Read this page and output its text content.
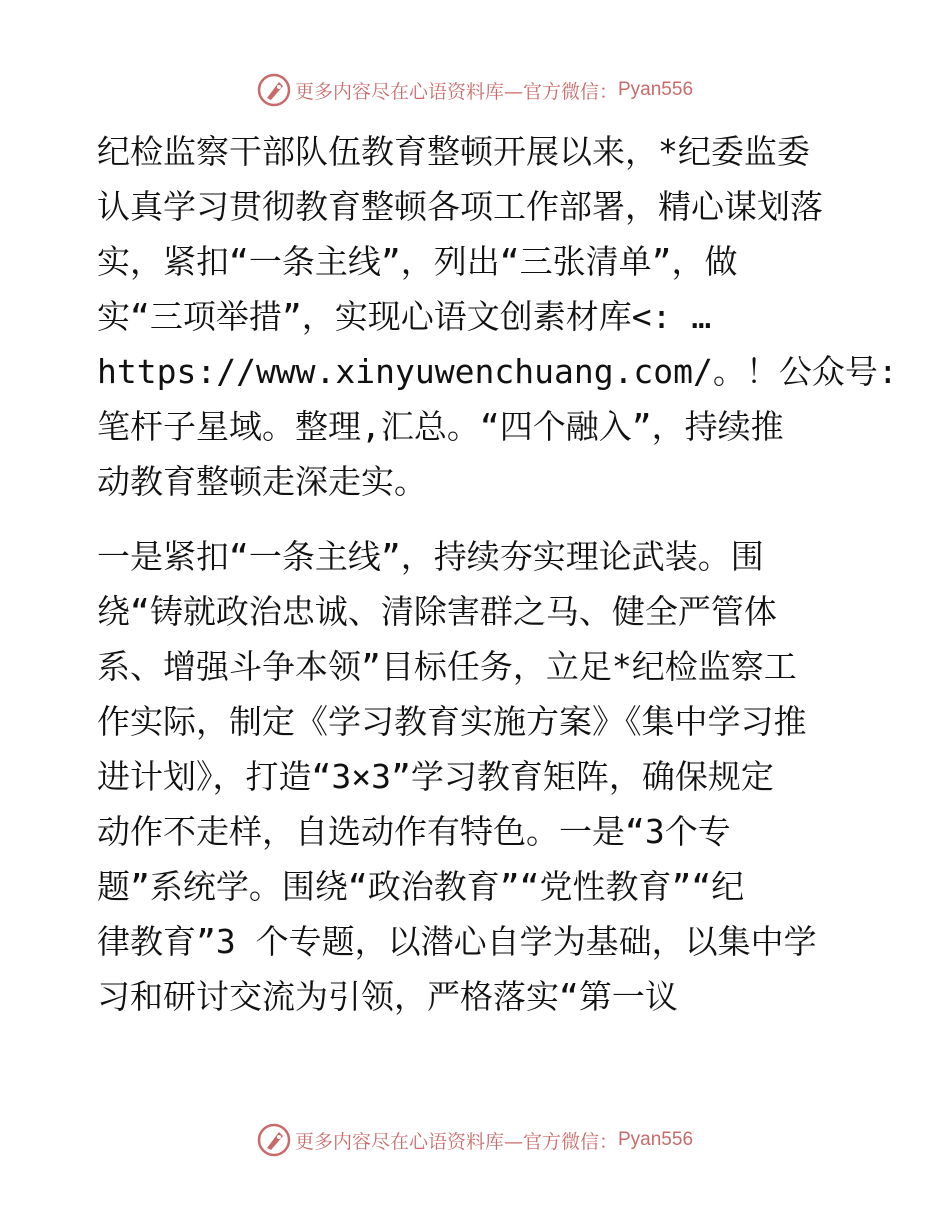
更多内容尽在心语资料库—官方微信： Pyan556
纪检监察干部队伍教育整顿开展以来，*纪委监委
认真学习贯彻教育整顿各项工作部署，精心谋划落
实，紧扣“一条主线”，列出“三张清单”，做
实“三项举措”，实现心语文创素材库<: …
https://www.xinyuwenchuang.com/。！公众号:
笔杆子星域。整理,汇总。“四个融入”，持续推
动教育整顿走深走实。
一是紧扣“一条主线”，持续夯实理论武装。围
绕“铸就政治忠诚、清除害群之马、健全严管体
系、增强斗争本领”目标任务，立足*纪检监察工
作实际，制定《学习教育实施方案》《集中学习推
进计划》，打造“3×3”学习教育矩阵，确保规定
动作不走样，自选动作有特色。一是“3个专
题”系统学。围绕“政治教育”“党性教育”“纪
律教育”3 个专题，以潜心自学为基础，以集中学
习和研讨交流为引领，严格落实“第一议
更多内容尽在心语资料库—官方微信： Pyan556
